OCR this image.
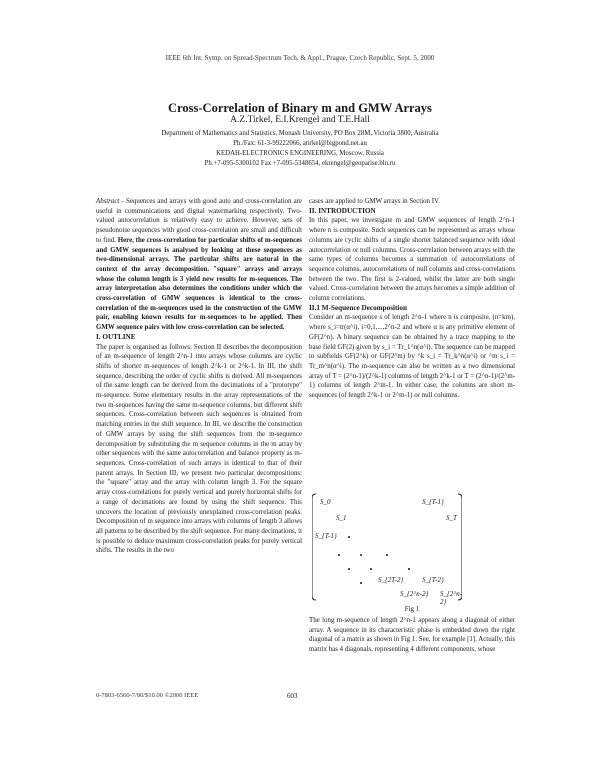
IEEE 6th Int. Symp. on Spread-Spectrum Tech. & Appl., Prague, Czech Republic, Sept. 5, 2000
Cross-Correlation of Binary m and GMW Arrays
A.Z.Tirkel, E.I.Krengel and T.E.Hall
Department of Mathematics and Statistics, Monash University, PO Box 28M, Victoria 3800, Australia
Ph./Fax: 61-3-99222066, atirkel@bigpond.net.au
KEDAH-ELECTRONICS ENGINEERING, Moscow, Russia
Ph.+7-095-5300102 Fax +7-095-5348654, ekrengel@geoparise.bln.ru

Abstract - Sequences and arrays with good auto and cross-correlation are useful in communications and digital watermarking respectively. Two-valued autocorrelation is relatively easy to achieve. However, sets of pseudonoise sequences with good cross-correlation are small and difficult to find. Here, the cross-correlation for particular shifts of m-sequences and GMW sequences is analysed by looking at these sequences as two-dimensional arrays. The particular shifts are natural in the context of the array decomposition. "square" arrays and arrays whose the column length is 3 yield new results for m-sequences. The array interpretation also determines the conditions under which the cross-correlation of GMW sequences is identical to the cross-correlation of the m-sequences used in the construction of the GMW pair, enabling known results for m-sequences to be applied. Then GMW sequence pairs with low cross-correlation can be selected.

I. OUTLINE

The paper is organised as follows: Section II describes the decomposition of an m-sequence of length 2^n-1 into arrays whose columns are cyclic shifts of shorter m-sequences of length 2^k-1 or 2^k-1. In III, the shift sequence, describing the order of cyclic shifts is derived. All m-sequences of the same length can be derived from the decimations of a "prototype" m-sequence. Some elementary results in the array representations of the two m-sequences having the same m-sequence columns, but different shift sequences. Cross-correlation between such sequences is obtained from matching entries in the shift sequence. In III, we describe the construction of GMW arrays by using the shift sequences from the m-sequence decomposition by substituting the m sequence columns in the m array by other sequences with the same autocorrelation and balance property as m-sequences. Cross-correlation of such arrays is identical to that of their parent arrays. In Section III, we present two particular decompositions: the "square" array and the array with column length 3. For the square array cross-correlations for purely vertical and purely horizontal shifts for a range of decimations are found by using the shift sequence. This uncovers the location of previously unexplained cross-correlation peaks. Decomposition of m sequence into arrays with columns of length 3 allows all patterns to be described by the shift sequence. For many decimations, it is possible to deduce maximum cross-correlation peaks for purely vertical shifts. The results in the two

cases are applied to GMW arrays in Section IV.

II. INTRODUCTION

In this paper, we investigate m and GMW sequences of length 2^n-1 where n is composite. Such sequences can be represented as arrays whose columns are cyclic shifts of a single shorter balanced sequence with ideal autocorrelation or null columns. Cross-correlation between arrays with the same types of columns becomes a summation of autocorrelations of sequence columns, autocorrelations of null columns and cross-correlations between the two. The first is 2-valued, whilst the latter are both single valued. Cross-correlation between the arrays becomes a simple addition of column correlations.

II.1 M-Sequence Decomposition

Consider an m-sequence s of length 2^n-1 where n is composite, (n=km), where s_i=tr(α^i), i=0,1,...,2^n-2 and where α is any primitive element of GF(2^n). A binary sequence can be obtained by a trace mapping to the base field GF(2) given by s_i = Tr_1^n(α^i). The sequence can be mapped to subfields GF(2^k) or GF(2^m) by ^k s_i = Tr_k^n(α^i) or ^m s_i = Tr_m^n(α^i). The m-sequence can also be written as a two dimensional array of T = (2^n-1)/(2^k-1) columns of length 2^k-1 or T = (2^n-1)/(2^m-1) columns of length 2^m-1. In either case, the columns are short m-sequences (of length 2^k-1 or 2^m-1) or null columns.

S_0
S_1
S_{T-1}
S_T
S_{T-1}
S_{2T-2}	S_{T-2}
S_{2^n-2} S_{2^n-2}
Fig 1

The long m-sequence of length 2^n-1 appears along a diagonal of either array. A sequence in its characteristic phase is embedded down the right diagonal of a matrix as shown in Fig 1. See, for example [1]. Actually, this matrix has 4 diagonals, representing 4 different components, whose

0-7803-6560-7/00/$10.00 ©2000 IEEE	603
